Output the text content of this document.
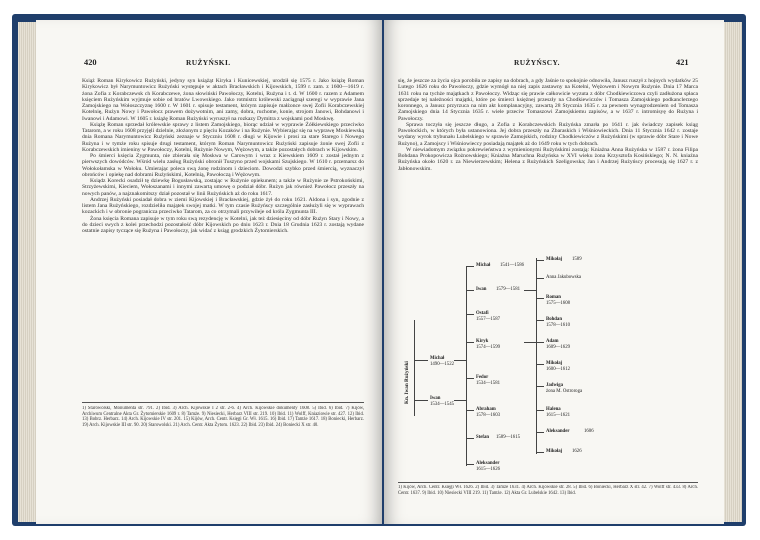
420	RUŻYŃSKI.

Książ Roman Kirykowicz Rużyński, jedyny syn książąt Kiryka i Kunicewskiej, urodził się 1575 r. Jako książę Roman Kirykowicz był Narymuntowicz Rużyński występuje w aktach Bracławskich i Kijowskich, 1599 r. zam. z 1600—1619 r. żona Zofia z Korabczewsk ch Korabczewe, żona słowiński Pawołoczy, Kotelni, Rużyna i t. d. W 1600 r. razem z Adamem księciem Rużyńskim wyjmuje sobie od bratów Lwowskiego. Jako rotmistrz królewski zaciągnął szeregi w wyprawie Jana Zamojskiego na Wołoszczyznę 1600 r. W 1601 r. spisuje testament, którym zapisuje małżonce swej Zofii Korabczewskiej Kotelnię, Rużyn Nowy i Pawołocz prawem dożywotnim, ani zamy, dobra, ruchome, konie, strojom Janowi, Bohdanowi i Iwanowi i Adamowi. W 1605 r. książę Roman Rużyński wyruszył na rozkazy Dymitra z wojskami pod Moskwę.

Książę Roman sprzedał królewskie sprawy z listem Zamojskiego, biorąc udział w wyprawie Żółkiewskiego przeciwko Tatarom, a w roku 1608 przyjęli dzielnie, złożonym z pięciu Kozaków i na Rużynie. Wybierając się na wyprawę Moskiewską dnia Romana Narymuntowicz Rużyński zeznaje w Styczniu 1608 r. długi w Kijowie i prosi za stare Starego i Nowego Rużyna i w tymże roku spisuje drugi testament, którym Roman Narymuntowicz Rużyński zapisuje żonie swej Zofii z Korabczewskich imieniny w Pawołoczy, Kotelni, Rużynie Nowym, Wężowym, a także pozostałych dobrach w Kijowskim.

Po śmierci księcia Zygmunta, nie zbierała się Moskwa w Carowym i wraz z Kiewskiem 1609 r. został jednym z pierwszych dowódców. Wśród wielu zasług Rużyński obronił Tuszyno przed wojskami Szujskiego. W 1610 r. przemarsz do Wołokołamska w Wołoku. Umierając poleca swą żonę rodzinom i dzieciom. Dowodzi szybko przed śmiercią, wyznaczył obrońców i opiekę nad dobrami Rużyńskimi, Kotelnią, Pawołoczą i Wężowym.

Ksiądz Korecki osadził tę dziewkę Bogusławską, zostając w Rużynie opiekunem; a także w Rużynie ze Pstrokońskimi, Strzyżewskimi, Kieciem, Wołoszanami i innymi zawartą umowę o podział dóbr. Rużyn jak również Pawołocz przeszły na nowych panów, a najznakomitszy dział pozostał w linii Rużyńskich aż do roku 1617.

Andrzej Rużyński posiadał dobra w ziemi Kijowskiej i Bracławskiej, gdzie żył do roku 1621. Aldona i syn, zgodnie z listem Jana Rużyńskiego, rozdzieliła majątek swojej matki. W tym czasie Rużyńscy szczególnie zasłużyli się w wyprawach kozackich i w obronie pogranicza przeciwko Tatarom, za co otrzymali przywileje od króla Zygmunta III.

Żona księcia Romana zapisuje w tym roku swą rezydencję w Kotelni, jak też dziesięciny od dóbr Rużyn Stary i Nowy, a do dzieci swych z kolei przechodzi pozostałość dóbr Kijowskich po dniu 1623 r. Dnia 18 Grudnia 1623 r. zostają wydane ostatnie zapisy tyczące się Rużyna i Pawołoczy, jak widać z ksiąg grodzkich Żytomierskich.

1) Starowolski, Monumenta str. 791. 2) Ibid. 3) Arch. Kijowskie I 2 str. 2-6. 4) Arch. Kijowskie dokumenty 1608. 5) Ibid. 6) Ibid. 7) Kijów, Archiwum Centralne Akta Gr. Żytomierskie 1609 r. 8) Tamże. 9) Niesiecki, Herbarz VIII str. 219. 10) Ibid. 11) Wolff, Kniaziowie str. 427. 12) Ibid. 13) Bobrz. Herbarz. 14) Arch. Kijowskie IV str. 201. 15) Kijów, Arch. Centr. Księgi Gr. Wł. 1615. 16) Ibid. 17) Tamże 1617. 18) Boniecki, Herbarz. 19) Arch. Kijowskie III str. 90. 20) Starowolski. 21) Arch. Centr. Akta Żytom. 1623. 22) Ibid. 23) Ibid. 24) Boniecki X str. 40.
RUŻYŃSCY.	421

się, że jeszcze za życia ojca porobiła ze zapisy na dobrach, a gdy Jaśnie to spokojnie odnowiła, Janusz ruszył z hojnych wydatków 25 Lutego 1626 roku do Pawołoczy, gdzie wymógł na niej zapis zastawny na Kotelni, Wężowem i Nowym Rużynie. Dnia 17 Marca 1631 roku na tychże majątkach z Pawołoczy. Widząc się prawie całkowicie wyzuta z dóbr Chodkiewiczowa czyli zadłużona spłaca sprzedaje tej należności majątki, które po śmierci księżnej przeszły na Chodkiewiczów i Tomasza Zamojskiego podkanclerzego koronnego, a Janusz przyrzuca na nim akt komplanacyjny, zawartą 28 Stycznia 1635 r. za pewnem wynagrodzeniem od Tomasza Zamojskiego dnia 14 Stycznia 1635 r. wiele przeciw Tomaszowi Zamojskiemu zapisów, a w 1637 r. intromisyę do Rużyna i Pawołoczy.

Sprawa toczyła się jeszcze długo, a Zofia z Korabczewskich Rużyńska zmarła po 1641 r. jak świadczy zapisek ksiąg Pawołockich, w których była ustanowiona. Jej dobra przeszły na Zbaraskich i Wiśniowieckich. Dnia 11 Stycznia 1642 r. zostaje wydany wyrok trybunału Lubelskiego w sprawie Zamojskich, rodziny Chodkiewiczów z Rużyńskimi (w sprawie dóbr Stare i Nowe Rużyno), a Zamojscy i Wiśniowieccy posiadają majątek aż do 1649 roku w tych dobrach.

W niewiadomym związku pokrewieństwa z wymienionymi Rużyńskimi zostają: Kniażna Anna Rużyńska w 1587 r. żona Filipa Bohdana Prokopowicza Rożnowskiego; Kniażna Maruchna Rużyńska w XVI wieku żona Krzysztofa Kosińskiego; N. N. kniaźna Rużyńska około 1620 r. za Niewierzewskim; Helena z Rużyńskich Szeligowska; Jan i Andrzej Rużyńscy procesują się 1627 r. z Jabłonowskim.

Kn. Iwan Rużyński
Michał
1490—1522
Iwan
1534—1545
Michał 1541—1586
Iwan 1579—1581
Ostafi
1557—1587
Kiryk
1574—1599
Fedor
1534—1581
Abraham
1578—1603
Stefan 1589—1615
Aleksander
1615—1626
Mikołaj 1589
Anna Jakubowska
Roman
1575—1608
Bohdan
1578—1610
Adam
1609—1629
Mikołaj
1600—1612
Jadwiga
żona M. Ostroroga
Halena
1615—1621
Aleksander	1606
Mikołaj 1626
1) Kijów, Arch. Centr. Księgi Wł. 1626. 2) Ibid. 3) Tamże 1631. 4) Arch. Kijowskie str. 28. 5) Ibid. 6) Boniecki, Herbarz X str. 42. 7) Wolff str. 433. 8) Arch. Centr. 1637. 9) Ibid. 10) Niesiecki VIII 219. 11) Tamże. 12) Akta Gr. Lubelskie 1642. 13) Ibid.
